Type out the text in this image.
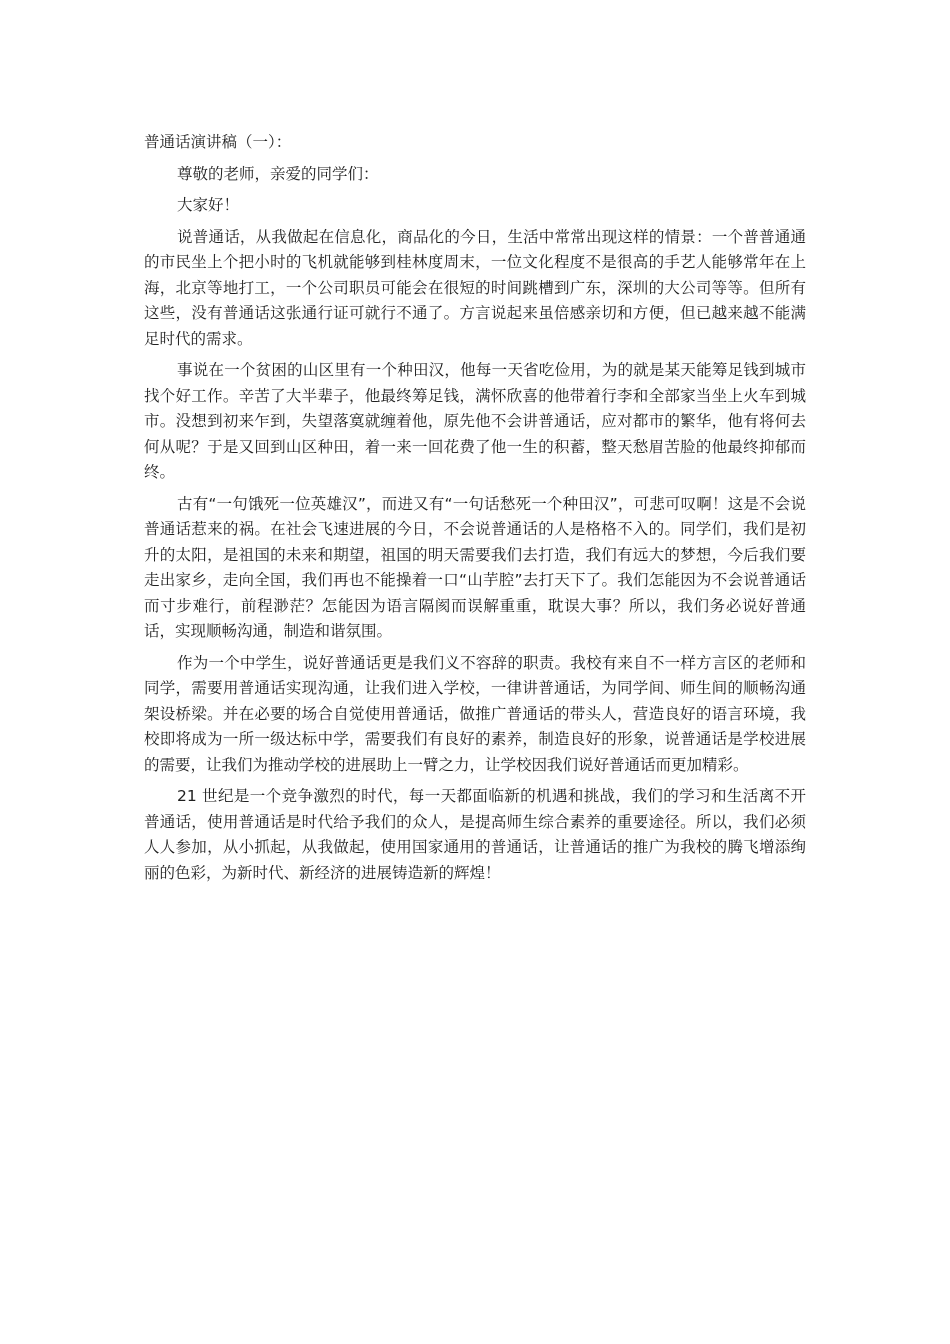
普通话演讲稿（一）：

尊敬的老师，亲爱的同学们：

大家好！

说普通话，从我做起在信息化，商品化的今日，生活中常常出现这样的情景：一个普普通通的市民坐上个把小时的飞机就能够到桂林度周末，一位文化程度不是很高的手艺人能够常年在上海，北京等地打工，一个公司职员可能会在很短的时间跳槽到广东，深圳的大公司等等。但所有这些，没有普通话这张通行证可就行不通了。方言说起来虽倍感亲切和方便，但已越来越不能满足时代的需求。

事说在一个贫困的山区里有一个种田汉，他每一天省吃俭用，为的就是某天能筹足钱到城市找个好工作。辛苦了大半辈子，他最终筹足钱，满怀欣喜的他带着行李和全部家当坐上火车到城市。没想到初来乍到，失望落寞就缠着他，原先他不会讲普通话，应对都市的繁华，他有将何去何从呢？于是又回到山区种田，着一来一回花费了他一生的积蓄，整天愁眉苦脸的他最终抑郁而终。

古有“一句饿死一位英雄汉”，而进又有“一句话愁死一个种田汉”，可悲可叹啊！这是不会说普通话惹来的祸。在社会飞速进展的今日，不会说普通话的人是格格不入的。同学们，我们是初升的太阳，是祖国的未来和期望，祖国的明天需要我们去打造，我们有远大的梦想，今后我们要走出家乡，走向全国，我们再也不能操着一口“山芋腔”去打天下了。我们怎能因为不会说普通话而寸步难行，前程渺茫？怎能因为语言隔阂而误解重重，耽误大事？所以，我们务必说好普通话，实现顺畅沟通，制造和谐氛围。

作为一个中学生，说好普通话更是我们义不容辞的职责。我校有来自不一样方言区的老师和同学，需要用普通话实现沟通，让我们进入学校，一律讲普通话，为同学间、师生间的顺畅沟通架设桥梁。并在必要的场合自觉使用普通话，做推广普通话的带头人，营造良好的语言环境，我校即将成为一所一级达标中学，需要我们有良好的素养，制造良好的形象，说普通话是学校进展的需要，让我们为推动学校的进展助上一臂之力，让学校因我们说好普通话而更加精彩。

21 世纪是一个竞争激烈的时代，每一天都面临新的机遇和挑战，我们的学习和生活离不开普通话，使用普通话是时代给予我们的众人，是提高师生综合素养的重要途径。所以，我们必须人人参加，从小抓起，从我做起，使用国家通用的普通话，让普通话的推广为我校的腾飞增添绚丽的色彩，为新时代、新经济的进展铸造新的辉煌！
